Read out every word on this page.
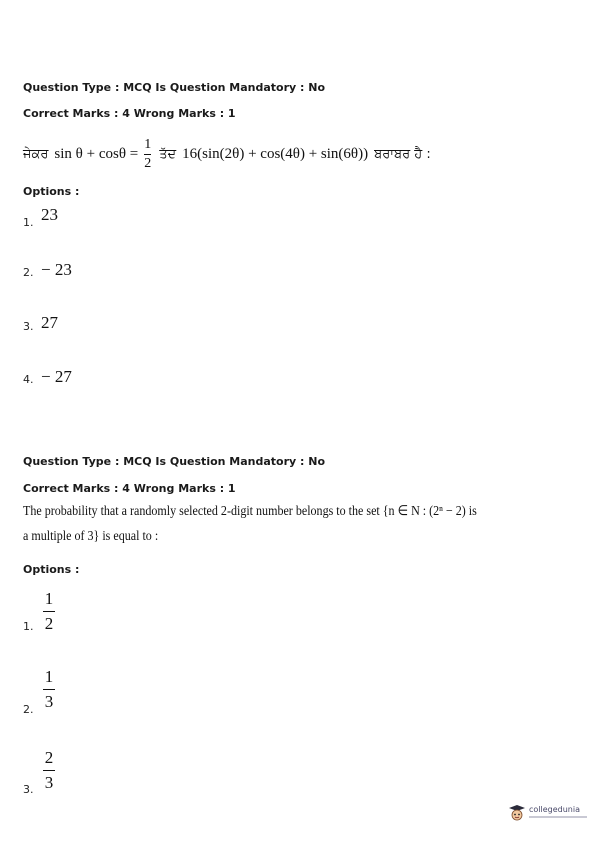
Question Type : MCQ Is Question Mandatory : No
Correct Marks : 4 Wrong Marks : 1
ਜੇਕਰ $\sin \theta + \cos\theta = \frac{1}{2}$ ਤੱਦ 16(sin(2θ) + cos(4θ) + sin(6θ)) ਬਰਾਬਰ ਹੈ :
Options :
1. 23
2. − 23
3. 27
4. − 27
Question Type : MCQ Is Question Mandatory : No
Correct Marks : 4 Wrong Marks : 1
The probability that a randomly selected 2-digit number belongs to the set {n ∈ N : (2ⁿ − 2) is
a multiple of 3} is equal to :
Options :
1.
1
2
2.
1
3
3.
2
3
collegedunia
